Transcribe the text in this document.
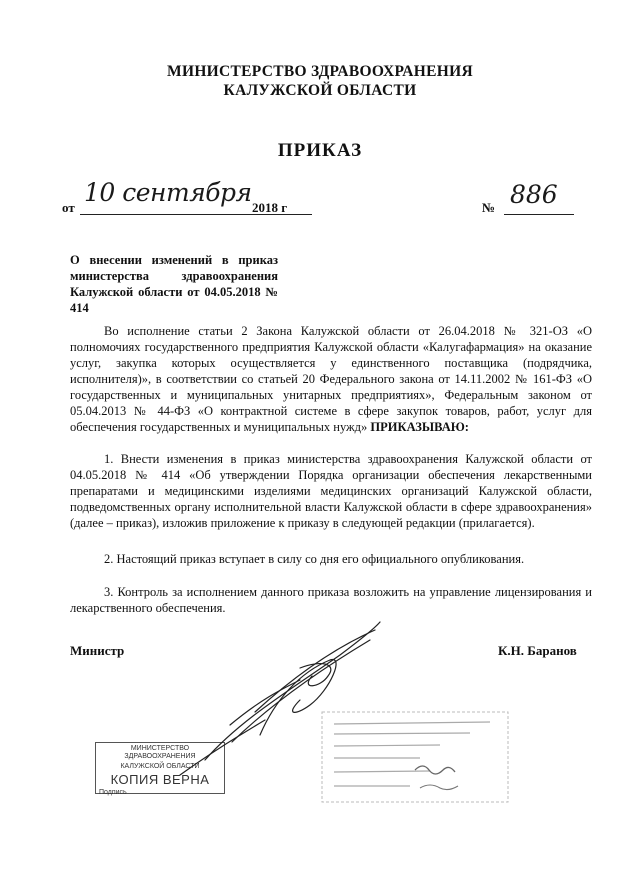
МИНИСТЕРСТВО ЗДРАВООХРАНЕНИЯ
КАЛУЖСКОЙ ОБЛАСТИ
ПРИКАЗ
от
10 сентября
2018 г	№ 886
О внесении изменений в приказ министерства здравоохранения Калужской области от 04.05.2018 № 414
Во исполнение статьи 2 Закона Калужской области от 26.04.2018 № 321-ОЗ «О полномочиях государственного предприятия Калужской области «Калугафармация» на оказание услуг, закупка которых осуществляется у единственного поставщика (подрядчика, исполнителя)», в соответствии со статьей 20 Федерального закона от 14.11.2002 № 161-ФЗ «О государственных и муниципальных унитарных предприятиях», Федеральным законом от 05.04.2013 № 44-ФЗ «О контрактной системе в сфере закупок товаров, работ, услуг для обеспечения государственных и муниципальных нужд» ПРИКАЗЫВАЮ:
1. Внести изменения в приказ министерства здравоохранения Калужской области от 04.05.2018 № 414 «Об утверждении Порядка организации обеспечения лекарственными препаратами и медицинскими изделиями медицинских организаций Калужской области, подведомственных органу исполнительной власти Калужской области в сфере здравоохранения» (далее – приказ), изложив приложение к приказу в следующей редакции (прилагается).
2. Настоящий приказ вступает в силу со дня его официального опубликования.
3. Контроль за исполнением данного приказа возложить на управление лицензирования и лекарственного обеспечения.
Министр	К.Н. Баранов
МИНИСТЕРСТВО ЗДРАВООХРАНЕНИЯ
КАЛУЖСКОЙ ОБЛАСТИ
КОПИЯ ВЕРНА
Подпись
